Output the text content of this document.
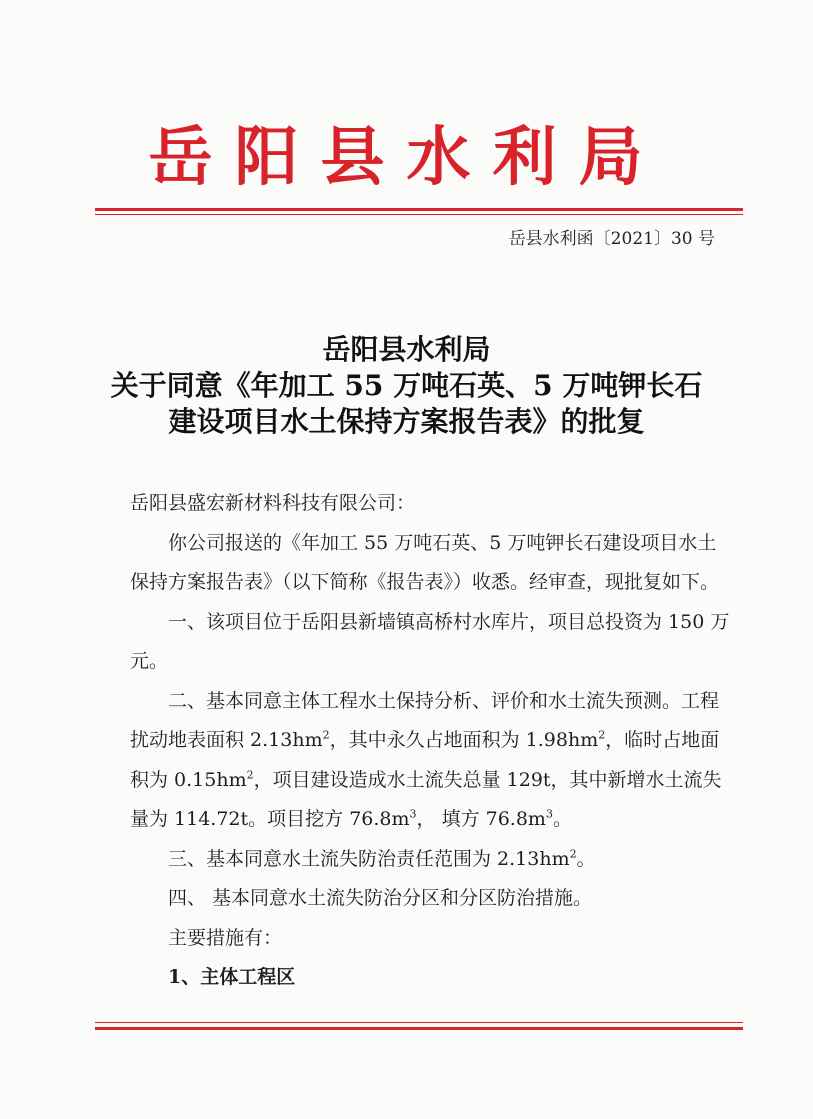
岳阳县水利局
岳县水利函〔2021〕30 号
岳阳县水利局
关于同意《年加工 55 万吨石英、5 万吨钾长石
建设项目水土保持方案报告表》的批复

岳阳县盛宏新材料科技有限公司：

你公司报送的《年加工 55 万吨石英、5 万吨钾长石建设项目水土保持方案报告表》（以下简称《报告表》）收悉。经审查，现批复如下。

一、该项目位于岳阳县新墙镇高桥村水库片，项目总投资为 150 万元。

二、基本同意主体工程水土保持分析、评价和水土流失预测。工程扰动地表面积 $2.13hm^2$，其中永久占地面积为 $1.98hm^2$，临时占地面积为 $0.15hm^2$，项目建设造成水土流失总量 129t，其中新增水土流失量为 114.72t。项目挖方 $76.8m^3$， 填方 $76.8m^3$。

三、基本同意水土流失防治责任范围为 $2.13hm^2$。

四、 基本同意水土流失防治分区和分区防治措施。

主要措施有：

1、主体工程区
